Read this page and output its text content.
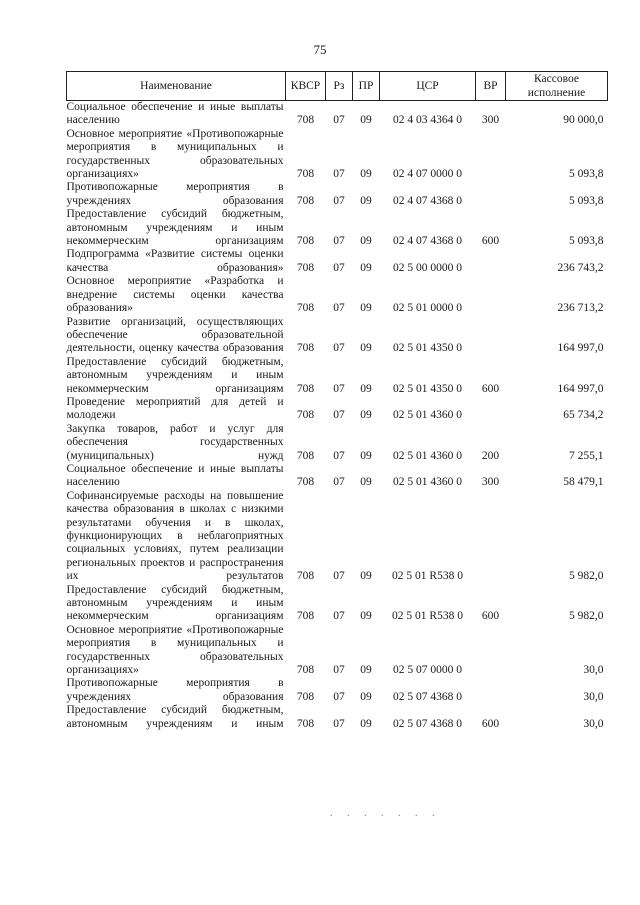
75
Наименование	КВСР	Рз	ПР	ЦСР	ВР	Кассовое исполнение
Социальное обеспечение и иные выплаты населению	708	07	09	02 4 03 4364 0	300	90 000,0
Основное мероприятие «Противопожарные мероприятия в муниципальных и государственных образовательных организациях»	708	07	09	02 4 07 0000 0		5 093,8
Противопожарные мероприятия в учреждениях образования	708	07	09	02 4 07 4368 0		5 093,8
Предоставление субсидий бюджетным, автономным учреждениям и иным некоммерческим организациям	708	07	09	02 4 07 4368 0	600	5 093,8
Подпрограмма «Развитие системы оценки качества образования»	708	07	09	02 5 00 0000 0		236 743,2
Основное мероприятие «Разработка и внедрение системы оценки качества образования»	708	07	09	02 5 01 0000 0		236 713,2
Развитие организаций, осуществляющих обеспечение образовательной деятельности, оценку качества образования	708	07	09	02 5 01 4350 0		164 997,0
Предоставление субсидий бюджетным, автономным учреждениям и иным некоммерческим организациям	708	07	09	02 5 01 4350 0	600	164 997,0
Проведение мероприятий для детей и молодежи	708	07	09	02 5 01 4360 0		65 734,2
Закупка товаров, работ и услуг для обеспечения государственных (муниципальных) нужд	708	07	09	02 5 01 4360 0	200	7 255,1
Социальное обеспечение и иные выплаты населению	708	07	09	02 5 01 4360 0	300	58 479,1
Софинансируемые расходы на повышение качества образования в школах с низкими результатами обучения и в школах, функционирующих в неблагоприятных социальных условиях, путем реализации региональных проектов и распространения их результатов	708	07	09	02 5 01 R538 0		5 982,0
Предоставление субсидий бюджетным, автономным учреждениям и иным некоммерческим организациям	708	07	09	02 5 01 R538 0	600	5 982,0
Основное мероприятие «Противопожарные мероприятия в муниципальных и государственных образовательных организациях»	708	07	09	02 5 07 0000 0		30,0
Противопожарные мероприятия в учреждениях образования	708	07	09	02 5 07 4368 0		30,0
Предоставление субсидий бюджетным, автономным учреждениям и иным	708	07	09	02 5 07 4368 0	600	30,0
. . . . . . .
